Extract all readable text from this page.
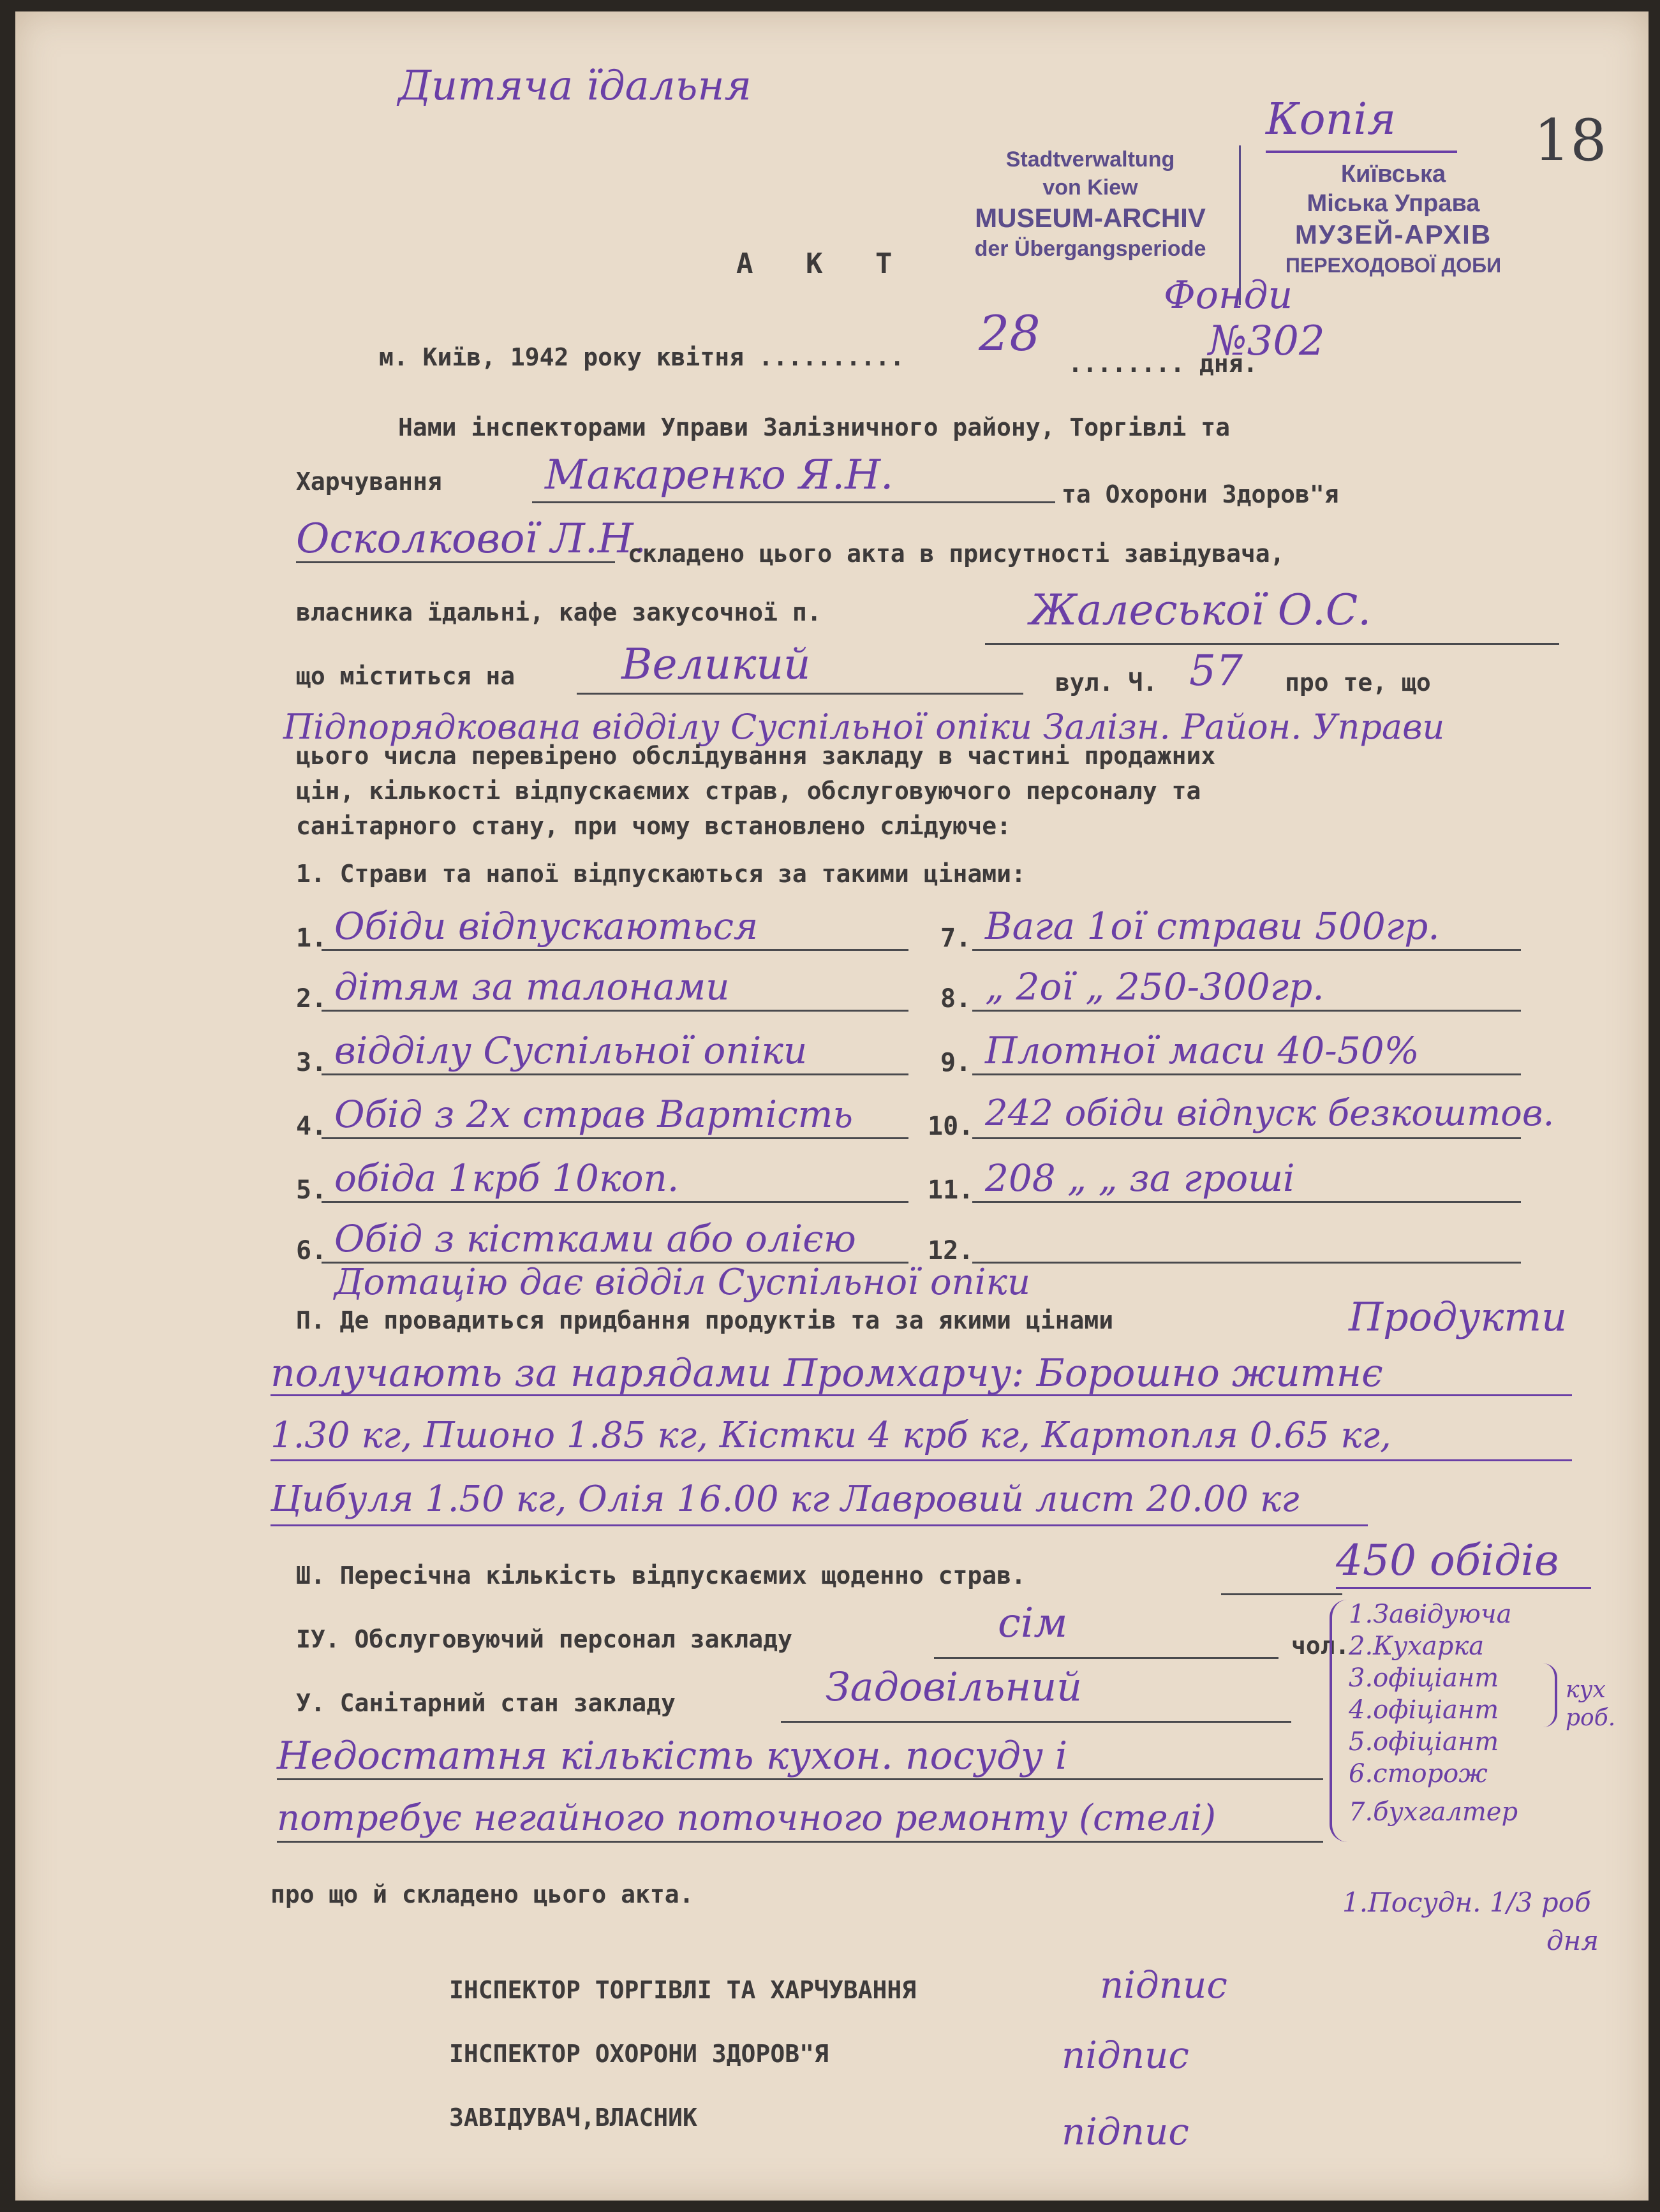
Дитяча їдальня
18
Stadtverwaltung
von Kiew
MUSEUM-ARCHIV
der Übergangsperiode
Копія
Київська
Міська Управа
МУЗЕЙ-АРХІВ
ПЕРЕХОДОВОЇ ДОБИ
Фонди
№302
А К Т
м. Київ, 1942 року квітня .......... 28
........ дня.
Нами інспекторами Управи Залізничного району, Торгівлі та
Харчування	Макаренко Я.Н.	та Охорони Здоров"я
Осколкової Л.Н.
складено цього акта в присутності завідувача,
власника їдальні, кафе закусочної п.	Жалеської О.С.
що міститься на	Великий	вул. Ч. 57 про те, що
Підпорядкована відділу Суспільної опіки Залізн. Район. Управи
цього числа перевірено обслідування закладу в частині продажних
цін, кількості відпускаємих страв, обслуговуючого персоналу та
санітарного стану, при чому встановлено слідуюче:
1. Страви та напої відпускаються за такими цінами:
1. Обіди відпускаються
2. дітям за талонами
3. відділу Суспільної опіки
4. Обід з 2х страв Вартість
5. обіда 1крб 10коп.
6. Обід з кістками або олією
7. Вага 1ої страви 500гр.
8. „ 2ої „ 250-300гр.
9. Плотної маси 40-50%
10. 242 обіди відпуск безкоштов.
11. 208 „ „ за гроші
12.
Дотацію дає відділ Суспільної опіки
П. Де провадиться придбання продуктів та за якими цінами	Продукти
получають за нарядами Промхарчу: Борошно житнє
1.30 кг, Пшоно 1.85 кг, Кістки 4 крб кг, Картопля 0.65 кг,
Цибуля 1.50 кг, Олія 16.00 кг Лавровий лист 20.00 кг
Ш. Пересічна кількість відпускаємих щоденно страв.	450 обідів
ІУ. Обслуговуючий персонал закладу	сім	чол.
1.Завідуюча
2.Кухарка
3.офіціант
4.офіціант
5.офіціант
6.сторож
7.бухгалтер
кух роб.
1.Посудн. 1/3 роб
дня
У. Санітарний стан закладу	Задовільний
Недостатня кількість кухон. посуду і
потребує негайного поточного ремонту (стелі)
про що й складено цього акта.
ІНСПЕКТОР ТОРГІВЛІ ТА ХАРЧУВАННЯ	підпис
ІНСПЕКТОР ОХОРОНИ ЗДОРОВ"Я	підпис
ЗАВІДУВАЧ,ВЛАСНИК	підпис
